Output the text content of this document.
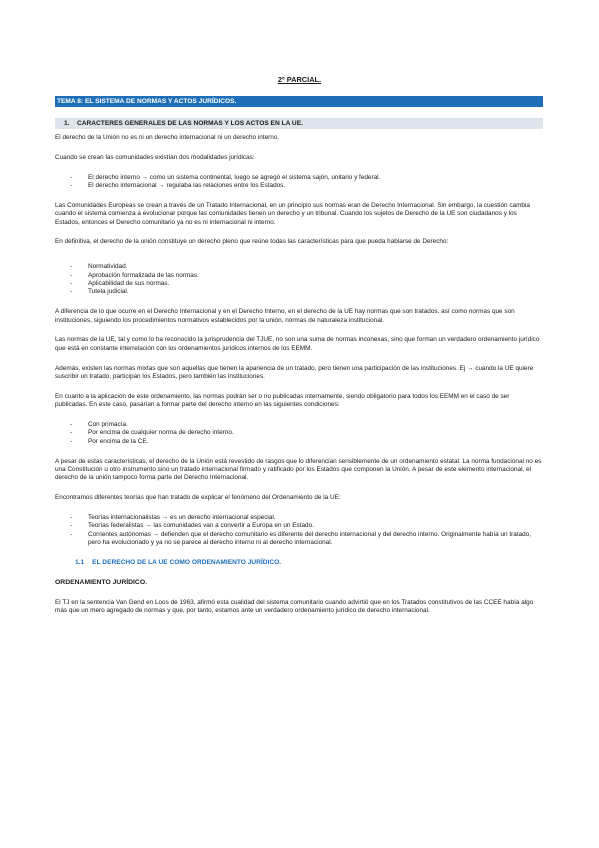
2º PARCIAL.
TEMA 8: EL SISTEMA DE NORMAS Y ACTOS JURÍDICOS.
1. CARACTERES GENERALES DE LAS NORMAS Y LOS ACTOS EN LA UE.

El derecho de la Unión no es ni un derecho internacional ni un derecho interno.

Cuando se crean las comunidades existían dos modalidades jurídicas:

- El derecho interno → como un sistema continental, luego se agregó el sistema sajón, unitario y federal.
- El derecho internacional → regulaba las relaciones entre los Estados.

Las Comunidades Europeas se crean a través de un Tratado Internacional, en un principio sus normas eran de Derecho Internacional. Sin embargo, la cuestión cambia cuando el sistema comienza a evolucionar porque las comunidades tienen un derecho y un tribunal. Cuando los sujetos de Derecho de la UE son ciudadanos y los Estados, entonces el Derecho comunitario ya no es ni internacional ni interno.

En definitiva, el derecho de la unión constituye un derecho pleno que reúne todas las características para que pueda hablarse de Derecho:

- Normatividad.
- Aprobación formalizada de las normas.
- Aplicabilidad de sus normas.
- Tutela judicial.

A diferencia de lo que ocurre en el Derecho Internacional y en el Derecho Interno, en el derecho de la UE hay normas que son tratados, así como normas que son instituciones, siguiendo los procedimientos normativos establecidos por la unión, normas de naturaleza institucional.

Las normas de la UE, tal y como lo ha reconocido la jurisprudencia del TJUE, no son una suma de normas inconexas, sino que forman un verdadero ordenamiento jurídico que está en constante interrelación con los ordenamientos jurídicos internos de los EEMM.

Además, existen las normas mixtas que son aquellas que tienen la apariencia de un tratado, pero tienen una participación de las instituciones. Ej → cuando la UE quiere suscribir un tratado, participan los Estados, pero también las instituciones.

En cuanto a la aplicación de este ordenamiento, las normas podrán ser o no publicadas internamente, siendo obligatorio para todos los EEMM en el caso de ser publicadas. En este caso, pasarían a formar parte del derecho interno en las siguientes condiciones:

- Con primacía.
- Por encima de cualquier norma de derecho interno.
- Por encima de la CE.

A pesar de estas características, el derecho de la Unión está revestido de rasgos que lo diferencian sensiblemente de un ordenamiento estatal. La norma fundacional no es una Constitución u otro instrumento sino un tratado internacional firmado y ratificado por los Estados que componen la Unión. A pesar de este elemento internacional, el derecho de la unión tampoco forma parte del Derecho Internacional.

Encontramos diferentes teorías que han tratado de explicar el fenómeno del Ordenamiento de la UE:

- Teorías internacionalistas → es un derecho internacional especial.
- Teorías federalistas → las comunidades van a convertir a Europa en un Estado.
- Corrientes autónomas → defienden que el derecho comunitario es diferente del derecho internacional y del derecho interno. Originalmente había un tratado, pero ha evolucionado y ya no se parece al derecho interno ni al derecho internacional.
1.1 EL DERECHO DE LA UE COMO ORDENAMIENTO JURÍDICO.
ORDENAMIENTO JURÍDICO.

El TJ en la sentencia Van Gend en Loos de 1963, afirmó esta cualidad del sistema comunitario cuando advirtió que en los Tratados constitutivos de las CCEE había algo más que un mero agregado de normas y que, por tanto, estamos ante un verdadero ordenamiento jurídico de derecho internacional.
